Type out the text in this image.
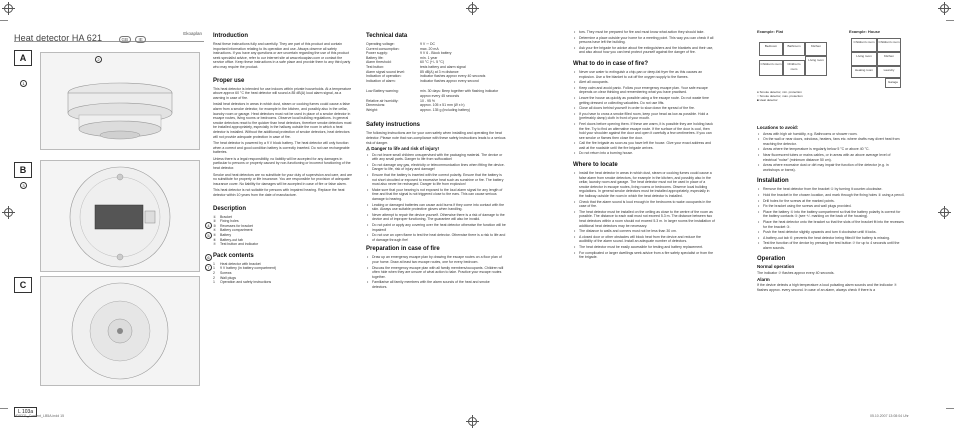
Heat detector HA 621	GB IE
Ekoaplan
A
1
2
B
3
4
5
6
7
C
L 103a
Introduction

Read these instructions fully and carefully. They are part of this product and contain important information relating to its operation and use. Always observe all safety instructions. If you have any questions or are uncertain regarding the use of this product seek specialist advice, refer to our internet site at www.ekoaplan.com or contact the service office. Keep these instructions in a safe place and provide them to any third party who may require the product.

Proper use

This heat detector is intended for use indoors within private households. At a temperature above approx 60 °C the heat detector will sound a 85 dB(A) loud alarm signal, as a warning in case of fire.

Install heat detectors in areas in which dust, steam or cooking fumes could cause a false alarm from a smoke detector, for example in the kitchen, and possibly also in the cellar, laundry room or garage. Heat detectors must not be used in place of a smoke detector in escape routes, living rooms or bedrooms. Observe local building regulations. In general smoke detectors react to fire quicker than heat detectors, therefore smoke detectors must be installed appropriately, especially in the hallway outside the room in which a heat detector is installed. Without the additional protection of smoke detectors, heat detectors will not provide adequate protection in case of fire.

The heat detector is powered by a 9 V block battery. The heat detector will only function when a correct and good condition battery is correctly inserted. Do not use rechargeable batteries.

Unless there is a legal responsibility, no liability will be accepted for any damages in particular to persons or property caused by non-functioning or incorrect functioning of the heat detector.

Smoke and heat detectors are no substitute for your duty of supervision and care, and are no substitute for property or life insurance. You are responsible for provision of adequate insurance cover. No liability for damages will be accepted in case of fire or false alarm.

This heat detector is not suitable for persons with impaired hearing. Replace the heat detector within 10 years from the date of manufacture.

Description
①	Bracket
②	Fixing holes
③	Recesses for bracket
④	Battery compartment
⑤	Battery
⑥	Battery-out tab
⑦	Test button and indicator
Pack contents
1	Heat detector with bracket
1	9 V battery (in battery compartment)
2	Screws
2	Wall plugs
1	Operation and safety instructions
Technical data
Operating voltage:	9 V ⎓ DC
Current consumption:	max. 20 mA
Power supply:	9 V 6 - Block battery
Battery life:	min. 1 year
Alarm threshold:	60 °C (+/- 5 °C)
Test button:	tests battery and alarm signal
Alarm signal sound level:	85 dB(A) at 3 m distance
Indication of operation:	indicator flashes approx every 40 seconds
Indication of alarm:	indicator flashes approx every second
Low Battery warning:	min. 30 days: Beep together with flashing indicator approx every 45 seconds
Relative air humidity:	10 - 95 %
Dimensions:	approx. 105 x 51 mm (Ø x h)
Weight:	approx. 135 g (including battery)
Safety instructions

The following instructions are for your own safety when installing and operating the heat detector. Please note that non-compliance with these safety instructions leads to a serious risk of danger.

⚠ Danger to life and risk of injury!
• Do not leave small children unsupervised with the packaging material. The device or with any small parts. Danger to life from suffocation!
• Do not damage any gas, electricity or telecommunication lines when fitting the device. Danger to life, risk of injury and damage!
• Ensure that the battery is inserted with the correct polarity. Ensure that the battery is not short circuited or exposed to excessive heat such as sunshine or fire. The battery must also never be recharged. Danger to life from explosion!
• Make sure that your hearing is not exposed to the loud alarm signal for any length of time and that the signal is not triggered close to the ears. This can cause serious damage to hearing.
• Leaking or damaged batteries can cause acid burns if they come into contact with the skin. Always use suitable protective gloves when handling.
• Never attempt to repair the device yourself. Otherwise there is a risk of damage to the device and of improper functioning. The guarantee will also be invalid.
• Do not paint or apply any covering over the heat detector otherwise the function will be impaired!
• Do not use an open flame to test the heat detector. Otherwise there is a risk to life and of damage through fire!
Preparation in case of fire
• Draw up an emergency escape plan by drawing the escape routes on a floor plan of your home. Draw at least two escape routes, one for every bedroom.
• Discuss the emergency escape plan with all family members/occupants. Children will often hide when they are unsure of what action to take. Practice your escape routes together.
• Familiarise all family members with the alarm sounds of the heat and smoke detectors.
• tors. They must be prepared for fire and must know what action they should take.
• Determine a place outside your home for a meeting point. This way you can check if all persons have left the building.
• Ask your fire brigade for advice about fire extinguishers and fire blankets and their use, and also about how you can best protect yourself against the danger of fire.
What to do in case of fire?
• Never use water to extinguish a chip-pan or deep-fat fryer fire as this causes an explosion. Use a fire blanket to cut off the oxygen supply to the flames.
• Alert all occupants.
• Keep calm and avoid panic. Follow your emergency escape plan. Your safe escape depends on clear thinking and remembering what you have practised.
• Leave the house as quickly as possible using a fire escape route. Do not waste time getting dressed or collecting valuables. Do not use lifts.
• Close all doors behind yourself in order to slow down the spread of the fire.
• If you have to cross a smoke filled room, keep your head as low as possible. Hold a (preferably damp) cloth in front of your mouth.
• Feel doors before opening them. If these are warm, it is possible they are holding back the fire. Try to find an alternative escape route. If the surface of the door is cool, then hold your shoulder against the door and open it carefully a few centimetres. If you can see smoke or flames then close the door.
• Call the fire brigade as soon as you have left the house. Give your exact address and wait at the roadside until the fire brigade arrives.
• Do not return into a burning house.
Where to locate
• Install the heat detector in areas in which dust, steam or cooking fumes could cause a false alarm from smoke detectors, for example in the kitchen, and possibly also in the cellar, laundry room and garage. The heat detector must not be used in place of a smoke detector in escape routes, living rooms or bedrooms. Observe local building regulations. In general smoke detectors must be installed appropriately, especially in the hallway outside the room in which the heat detector is installed.
• Check that the alarm sound is loud enough in the bedrooms to wake occupants in the case of fire.
• The heat detector must be installed on the ceiling as close to the centre of the room as possible. The distance to each wall must not exceed 5.3 m. The distance between two heat detectors within a room should not exceed 5.3 m. In larger rooms the installation of additional heat detectors may be necessary.
• The distance to walls and corners must not be less than 30 cm.
• A closed door or other obstacles will block heat from the device and reduce the audibility of the alarm sound. Install an adequate number of detectors.
• The heat detector must be easily accessible for testing and battery replacement.
• For complicated or larger dwellings seek advice from a fire safety specialist or from the fire brigade.
Example: Flat	Example: House
Bedroom	Bathroom	Kitchen
Children's room	Children's room
Living room
Children's room
Living room	Kitchen
Children's room
Heating room	Laundry
Garage
● Smoke detector, min. protection
○ Smoke detector, max. protection
■ Heat detector
Locations to avoid:
• Areas with high air humidity, e.g. Bathrooms or shower room.
• On the wall or near doors, windows, heaters, fans etc. where drafts may divert heat from reaching the detector.
• Areas where the temperature is regularly below 5 °C or above 40 °C.
• Near fluorescent tubes or mains cables, or in areas with an above average level of electrical "noise" (minimum distance 50 cm).
• Areas where excessive dust or dirt may impair the function of the detector (e.g. in workshops or barns).
Installation
• Remove the heat detector from the bracket ① by turning it counter-clockwise.
• Hold the bracket in the chosen location, and mark through the fixing holes ② using a pencil.
• Drill holes for the screws at the marked points.
• Fix the bracket using the screws and wall plugs provided.
• Place the battery ⑤ into the battery compartment so that the battery polarity is correct for the battery contacts ④ (see +/- marking on the back of the housing).
• Place the heat detector onto the bracket so that the slots of the bracket fit into the recesses for the bracket ③.
• Push the heat detector slightly upwards and turn it clockwise until it locks.
• A battery-out tab ⑥ prevents the heat detector being fitted if the battery is missing.
• Test the function of the device by pressing the test button ⑦ for up to 4 seconds until the alarm sounds.
Operation
Normal operation

The indicator ⑦ flashes approx every 40 seconds.

Alarm

If the device detects a high temperature a loud pulsating alarm sounds and the indicator ⑦ flashes approx. every second. In case of an alarm, always check if there is a

HD8321_Content_LB5A.indd 15	05.10.2007 13:08:04 Uhr
